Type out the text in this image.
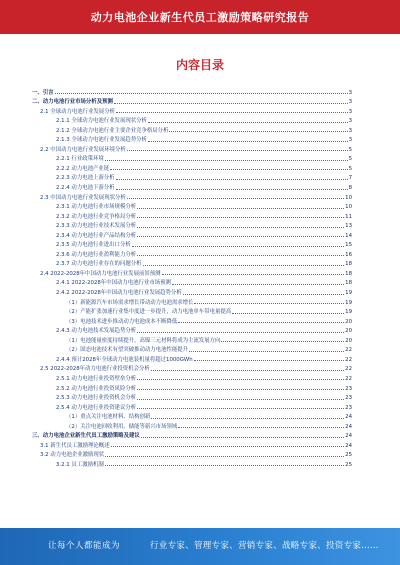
动力电池企业新生代员工激励策略研究报告
内容目录
一、引言	3
二、动力电池行业市场分析及预测	3
2.1 全球动力电池行业发展分析	3
2.1.1 全球动力电池行业发展现状分析	3
2.1.2 全球动力电池行业主要企业竞争格局分析	3
2.1.3 全球动力电池行业发展趋势分析	3
2.2 中国动力电池行业发展环境分析	5
2.2.1 行业政策环境	5
2.2.2 动力电池产业链	5
2.2.3 动力电池上游分析	7
2.2.4 动力电池下游分析	8
2.3 中国动力电池行业发展现状分析	10
2.3.1 动力电池行业市场规模分析	10
2.3.2 动力电池行业竞争格局分析	11
2.3.3 动力电池行业技术发展分析	13
2.3.4 动力电池行业产品结构分析	14
2.3.5 动力电池行业进出口分析	15
2.3.6 动力电池行业盈利能力分析	16
2.3.7 动力电池行业存在的问题分析	18
2.4 2022-2028年中国动力电池行业发展前景预测	18
2.4.1 2022-2028年中国动力电池行业市场预测	18
2.4.2 2022-2028年中国动力电池行业发展趋势分析	19
（1）新能源汽车市场需求增长带动动力电池需求增长	19
（2）产能扩张加速行业集中度进一步提升，动力电池单车带电量提高	19
（3）电池技术进步推动动力电池成本不断降低	20
2.4.3 动力电池技术发展趋势分析	20
（1）电池能量密度持续提升，高镍三元材料将成为主流发展方向	20
（2）固态电池技术有望突破推动动力电池性能提升	22
2.4.4 预计2028年全球动力电池装机量将超过1000GWh	22
2.5 2022-2028年动力电池行业投资机会分析	22
2.5.1 动力电池行业投资壁垒分析	22
2.5.2 动力电池行业投资风险分析	23
2.5.3 动力电池行业投资机会分析	23
2.5.4 动力电池行业投资建议分析	23
（1）重点关注电池材料、结构创新	24
（2）关注电池回收利用、储能等新兴市场领域	24
三、动力电池企业新生代员工激励策略及建议	24
3.1 新生代员工激励理论概述	24
3.2 动力电池企业激励现状	25
3.2.1 员工激励机制	25
让每个人都能成为	行业专家、管理专家、营销专家、战略专家、投资专家……
